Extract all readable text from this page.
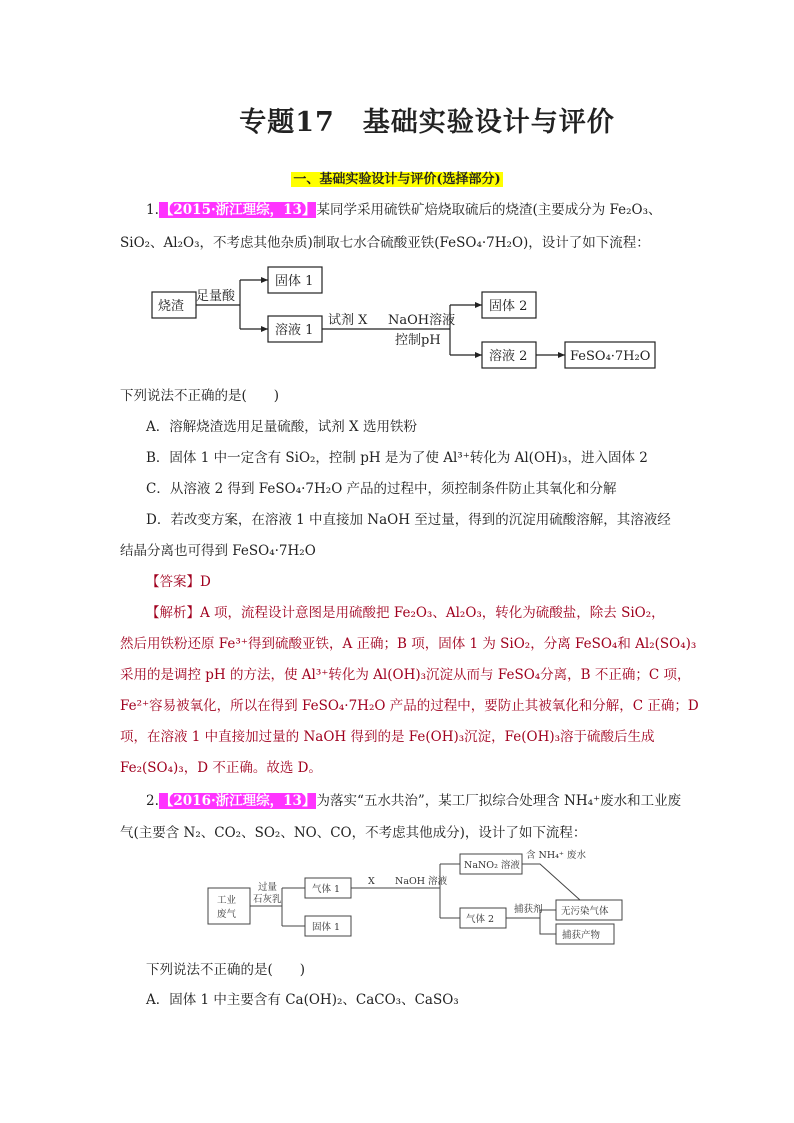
专题17　基础实验设计与评价
一、基础实验设计与评价(选择部分)
1.【2015·浙江理综，13】某同学采用硫铁矿焙烧取硫后的烧渣(主要成分为 Fe₂O₃、
SiO₂、Al₂O₃，不考虑其他杂质)制取七水合硫酸亚铁(FeSO₄·7H₂O)，设计了如下流程：
烧渣
足量酸
固体 1
溶液 1
试剂 X NaOH溶液
控制pH
固体 2
溶液 2	FeSO₄·7H₂O
下列说法不正确的是(　　)
A．溶解烧渣选用足量硫酸，试剂 X 选用铁粉
B．固体 1 中一定含有 SiO₂，控制 pH 是为了使 Al³⁺转化为 Al(OH)₃，进入固体 2
C．从溶液 2 得到 FeSO₄·7H₂O 产品的过程中，须控制条件防止其氧化和分解
D．若改变方案，在溶液 1 中直接加 NaOH 至过量，得到的沉淀用硫酸溶解，其溶液经
结晶分离也可得到 FeSO₄·7H₂O
【答案】D
【解析】A 项，流程设计意图是用硫酸把 Fe₂O₃、Al₂O₃，转化为硫酸盐，除去 SiO₂，
然后用铁粉还原 Fe³⁺得到硫酸亚铁，A 正确；B 项，固体 1 为 SiO₂，分离 FeSO₄和 Al₂(SO₄)₃
采用的是调控 pH 的方法，使 Al³⁺转化为 Al(OH)₃沉淀从而与 FeSO₄分离，B 不正确；C 项，
Fe²⁺容易被氧化，所以在得到 FeSO₄·7H₂O 产品的过程中，要防止其被氧化和分解，C 正确；D
项，在溶液 1 中直接加过量的 NaOH 得到的是 Fe(OH)₃沉淀，Fe(OH)₃溶于硫酸后生成
Fe₂(SO₄)₃，D 不正确。故选 D。
2.【2016·浙江理综，13】为落实“五水共治”，某工厂拟综合处理含 NH₄⁺废水和工业废
气(主要含 N₂、CO₂、SO₂、NO、CO，不考虑其他成分)，设计了如下流程：
工业
废气
过量
石灰乳
气体 1
固体 1
X NaOH 溶液
NaNO₂ 溶液
含 NH₄⁺ 废水
气体 2
捕获剂 无污染气体
捕获产物
下列说法不正确的是(　　)
A．固体 1 中主要含有 Ca(OH)₂、CaCO₃、CaSO₃
